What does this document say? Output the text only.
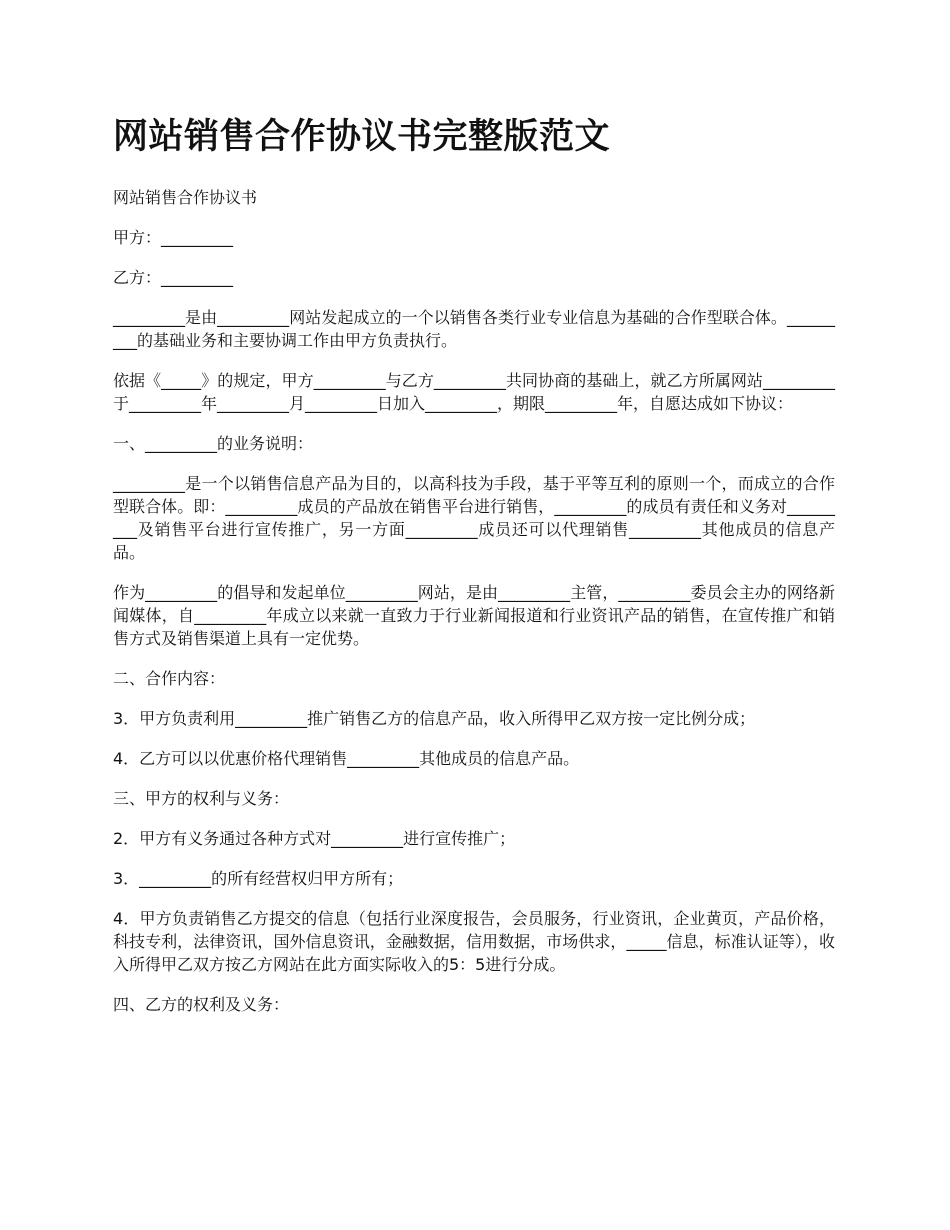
网站销售合作协议书完整版范文

网站销售合作协议书

甲方：_________

乙方：_________

_________是由_________网站发起成立的一个以销售各类行业专业信息为基础的合作型联合体。_________的基础业务和主要协调工作由甲方负责执行。

依据《_____》的规定，甲方_________与乙方_________共同协商的基础上，就乙方所属网站_________于_________年_________月_________日加入_________，期限_________年，自愿达成如下协议：

一、_________的业务说明：

_________是一个以销售信息产品为目的，以高科技为手段，基于平等互利的原则一个，而成立的合作型联合体。即：_________成员的产品放在销售平台进行销售，_________的成员有责任和义务对_________及销售平台进行宣传推广，另一方面_________成员还可以代理销售_________其他成员的信息产品。

作为_________的倡导和发起单位_________网站，是由_________主管，_________委员会主办的网络新闻媒体，自_________年成立以来就一直致力于行业新闻报道和行业资讯产品的销售，在宣传推广和销售方式及销售渠道上具有一定优势。

二、合作内容：

3．甲方负责利用_________推广销售乙方的信息产品，收入所得甲乙双方按一定比例分成；

4．乙方可以以优惠价格代理销售_________其他成员的信息产品。

三、甲方的权利与义务：

2．甲方有义务通过各种方式对_________进行宣传推广；

3．_________的所有经营权归甲方所有；

4．甲方负责销售乙方提交的信息（包括行业深度报告，会员服务，行业资讯，企业黄页，产品价格，科技专利，法律资讯，国外信息资讯，金融数据，信用数据，市场供求，_____信息，标准认证等），收入所得甲乙双方按乙方网站在此方面实际收入的5：5进行分成。

四、乙方的权利及义务：
